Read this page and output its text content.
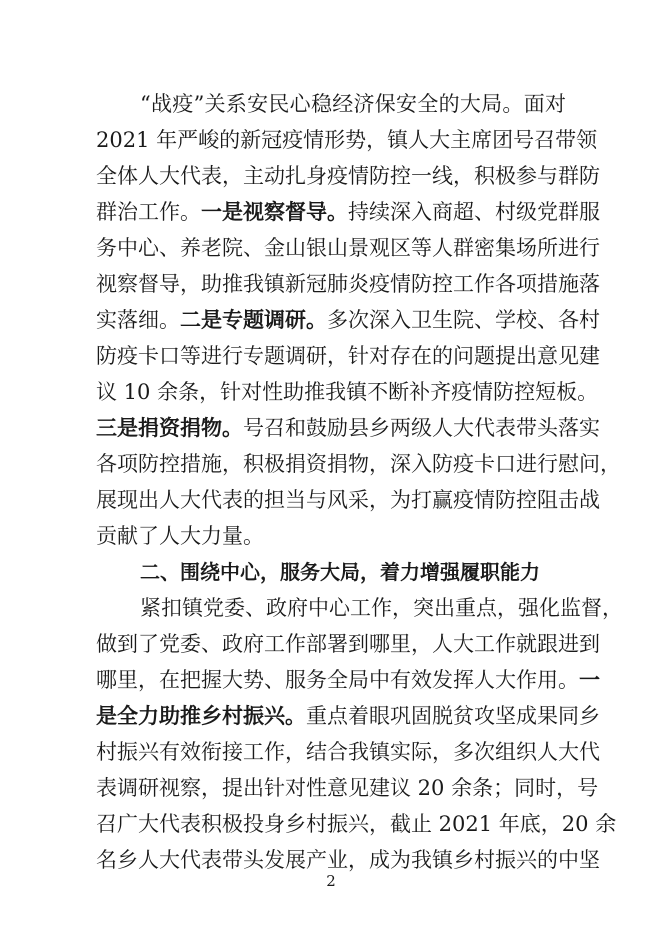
“战疫”关系安民心稳经济保安全的大局。面对
2021 年严峻的新冠疫情形势，镇人大主席团号召带领
全体人大代表，主动扎身疫情防控一线，积极参与群防
群治工作。一是视察督导。持续深入商超、村级党群服
务中心、养老院、金山银山景观区等人群密集场所进行
视察督导，助推我镇新冠肺炎疫情防控工作各项措施落
实落细。二是专题调研。多次深入卫生院、学校、各村
防疫卡口等进行专题调研，针对存在的问题提出意见建
议 10 余条，针对性助推我镇不断补齐疫情防控短板。
三是捐资捐物。号召和鼓励县乡两级人大代表带头落实
各项防控措施，积极捐资捐物，深入防疫卡口进行慰问，
展现出人大代表的担当与风采，为打赢疫情防控阻击战
贡献了人大力量。
二、围绕中心，服务大局，着力增强履职能力
紧扣镇党委、政府中心工作，突出重点，强化监督，
做到了党委、政府工作部署到哪里，人大工作就跟进到
哪里，在把握大势、服务全局中有效发挥人大作用。一
是全力助推乡村振兴。重点着眼巩固脱贫攻坚成果同乡
村振兴有效衔接工作，结合我镇实际，多次组织人大代
表调研视察，提出针对性意见建议 20 余条；同时，号
召广大代表积极投身乡村振兴，截止 2021 年底，20 余
名乡人大代表带头发展产业，成为我镇乡村振兴的中坚
2
